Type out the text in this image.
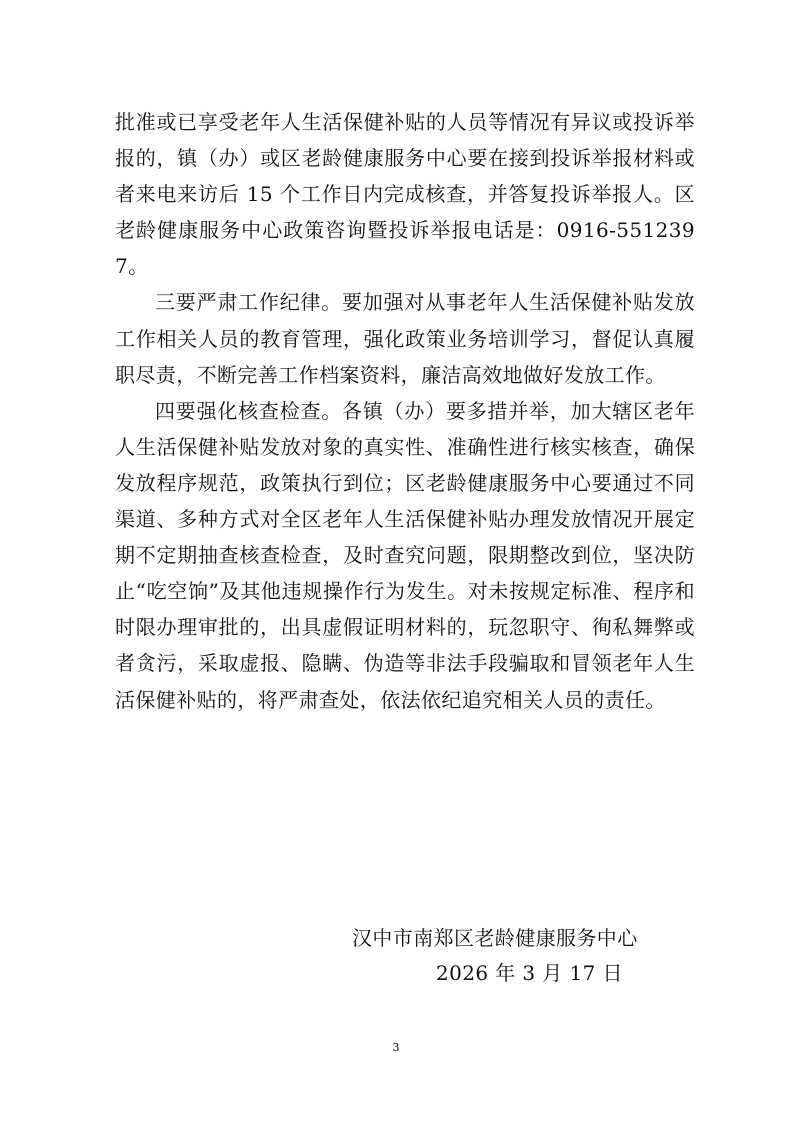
批准或已享受老年人生活保健补贴的人员等情况有异议或投诉举报的，镇（办）或区老龄健康服务中心要在接到投诉举报材料或者来电来访后 15 个工作日内完成核查，并答复投诉举报人。区老龄健康服务中心政策咨询暨投诉举报电话是：0916-5512397。

三要严肃工作纪律。要加强对从事老年人生活保健补贴发放工作相关人员的教育管理，强化政策业务培训学习，督促认真履职尽责，不断完善工作档案资料，廉洁高效地做好发放工作。

四要强化核查检查。各镇（办）要多措并举，加大辖区老年人生活保健补贴发放对象的真实性、准确性进行核实核查，确保发放程序规范，政策执行到位；区老龄健康服务中心要通过不同渠道、多种方式对全区老年人生活保健补贴办理发放情况开展定期不定期抽查核查检查，及时查究问题，限期整改到位，坚决防止“吃空饷”及其他违规操作行为发生。对未按规定标准、程序和时限办理审批的，出具虚假证明材料的，玩忽职守、徇私舞弊或者贪污，采取虚报、隐瞒、伪造等非法手段骗取和冒领老年人生活保健补贴的，将严肃查处，依法依纪追究相关人员的责任。

汉中市南郑区老龄健康服务中心
2026 年 3 月 17 日
3
